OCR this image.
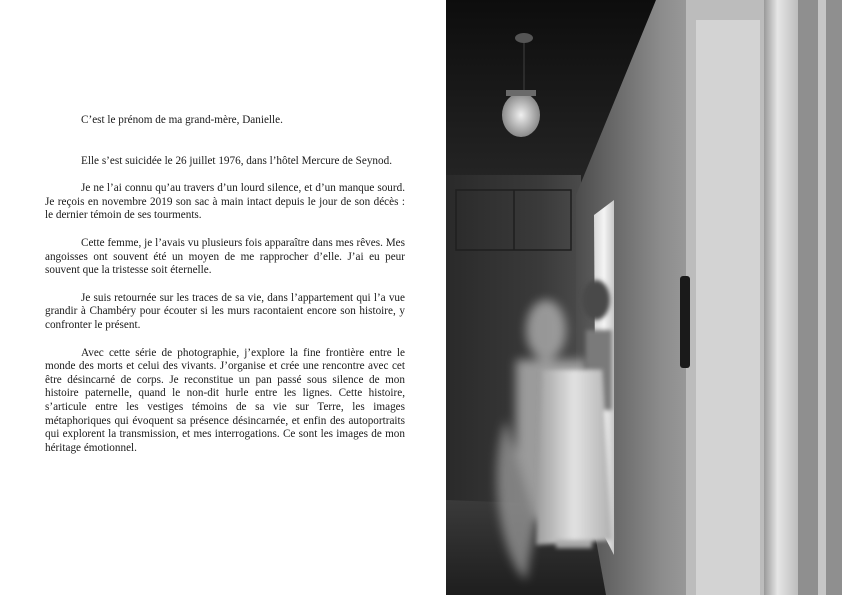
C’est le prénom de ma grand-mère, Danielle.

Elle s’est suicidée le 26 juillet 1976, dans l’hôtel Mercure de Seynod.

Je ne l’ai connu qu’au travers d’un lourd silence, et d’un manque sourd. Je reçois en novembre 2019 son sac à main intact depuis le jour de son décès : le dernier témoin de ses tourments.

Cette femme, je l’avais vu plusieurs fois apparaître dans mes rêves. Mes angoisses ont souvent été un moyen de me rapprocher d’elle. J’ai eu peur souvent que la tristesse soit éternelle.

Je suis retournée sur les traces de sa vie, dans l’appartement qui l’a vue grandir à Chambéry pour écouter si les murs racontaient encore son histoire, y confronter le présent.

Avec cette série de photographie, j’explore la fine frontière entre le monde des morts et celui des vivants. J’organise et crée une rencontre avec cet être désincarné de corps. Je reconstitue un pan passé sous silence de mon histoire paternelle, quand le non-dit hurle entre les lignes. Cette histoire, s’articule entre les vestiges témoins de sa vie sur Terre, les images métaphoriques qui évoquent sa présence désincarnée, et enfin des autoportraits qui explorent la transmission, et mes interrogations. Ce sont les images de mon héritage émotionnel.
